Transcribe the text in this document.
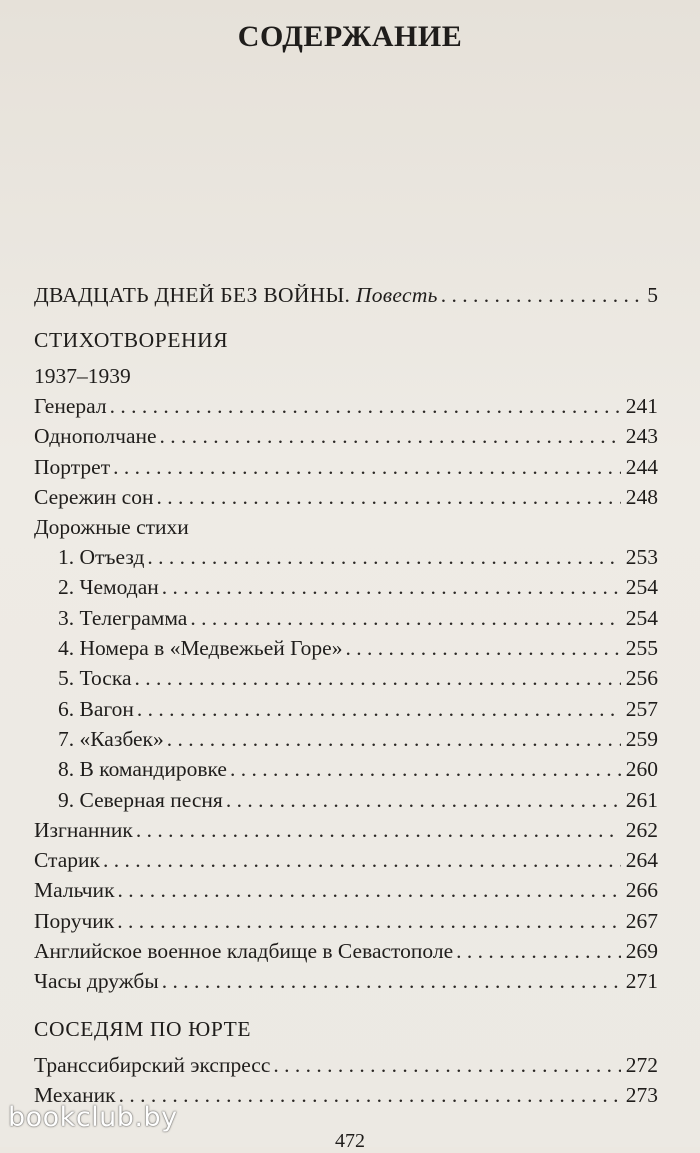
СОДЕРЖАНИЕ
ДВАДЦАТЬ ДНЕЙ БЕЗ ВОЙНЫ. Повесть . . .	5
СТИХОТВОРЕНИЯ
1937–1939
Генерал . . .	241
Однополчане . . .	243
Портрет . . .	244
Сережин сон . . .	248
Дорожные стихи
1. Отъезд . . .	253
2. Чемодан . . .	254
3. Телеграмма . . .	254
4. Номера в «Медвежьей Горе» . . .	255
5. Тоска . . .	256
6. Вагон . . .	257
7. «Казбек» . . .	259
8. В командировке . . .	260
9. Северная песня . . .	261
Изгнанник . . .	262
Старик . . .	264
Мальчик . . .	266
Поручик . . .	267
Английское военное кладбище в Севастополе . . .	269
Часы дружбы . . .	271
СОСЕДЯМ ПО ЮРТЕ
Транссибирский экспресс . . .	272
Механик . . .	273
bookclub.by
472
